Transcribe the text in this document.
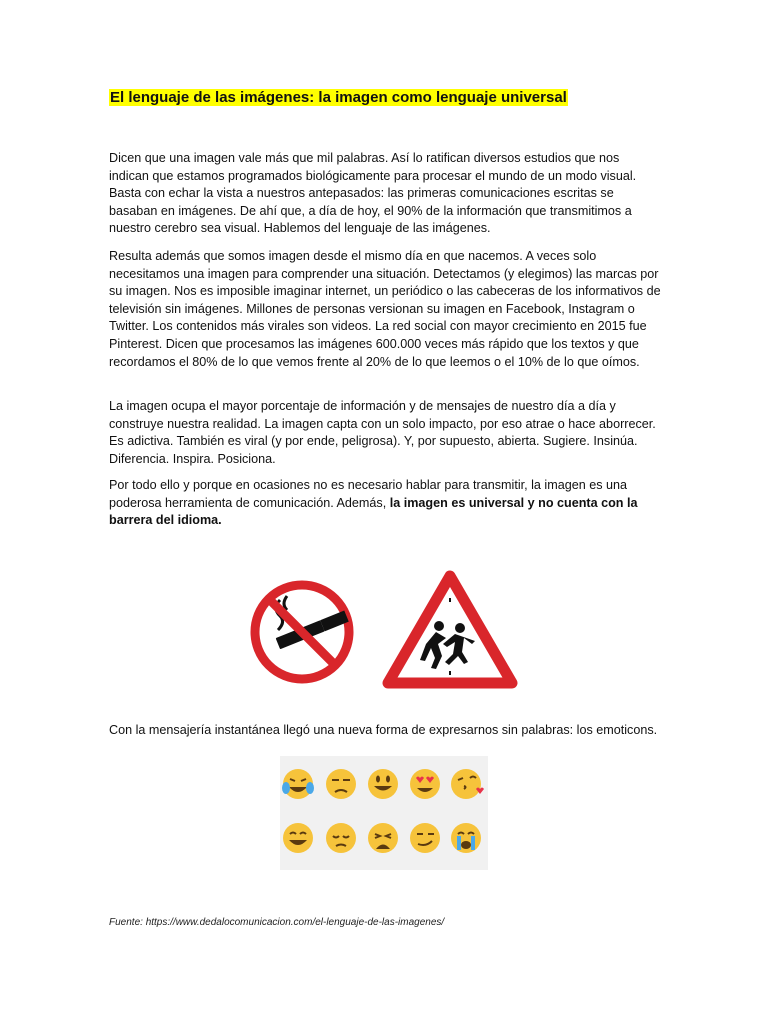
El lenguaje de las imágenes: la imagen como lenguaje universal

Dicen que una imagen vale más que mil palabras. Así lo ratifican diversos estudios que nos indican que estamos programados biológicamente para procesar el mundo de un modo visual. Basta con echar la vista a nuestros antepasados: las primeras comunicaciones escritas se basaban en imágenes. De ahí que, a día de hoy, el 90% de la información que transmitimos a nuestro cerebro sea visual. Hablemos del lenguaje de las imágenes.

Resulta además que somos imagen desde el mismo día en que nacemos. A veces solo necesitamos una imagen para comprender una situación. Detectamos (y elegimos) las marcas por su imagen. Nos es imposible imaginar internet, un periódico o las cabeceras de los informativos de televisión sin imágenes. Millones de personas versionan su imagen en Facebook, Instagram o Twitter. Los contenidos más virales son videos. La red social con mayor crecimiento en 2015 fue Pinterest. Dicen que procesamos las imágenes 600.000 veces más rápido que los textos y que recordamos el 80% de lo que vemos frente al 20% de lo que leemos o el 10% de lo que oímos.

La imagen ocupa el mayor porcentaje de información y de mensajes de nuestro día a día y construye nuestra realidad. La imagen capta con un solo impacto, por eso atrae o hace aborrecer. Es adictiva. También es viral (y por ende, peligrosa). Y, por supuesto, abierta. Sugiere. Insinúa. Diferencia. Inspira. Posiciona.

Por todo ello y porque en ocasiones no es necesario hablar para transmitir, la imagen es una poderosa herramienta de comunicación. Además, la imagen es universal y no cuenta con la barrera del idioma.

Con la mensajería instantánea llegó una nueva forma de expresarnos sin palabras: los emoticons.

Fuente: https://www.dedalocomunicacion.com/el-lenguaje-de-las-imagenes/
